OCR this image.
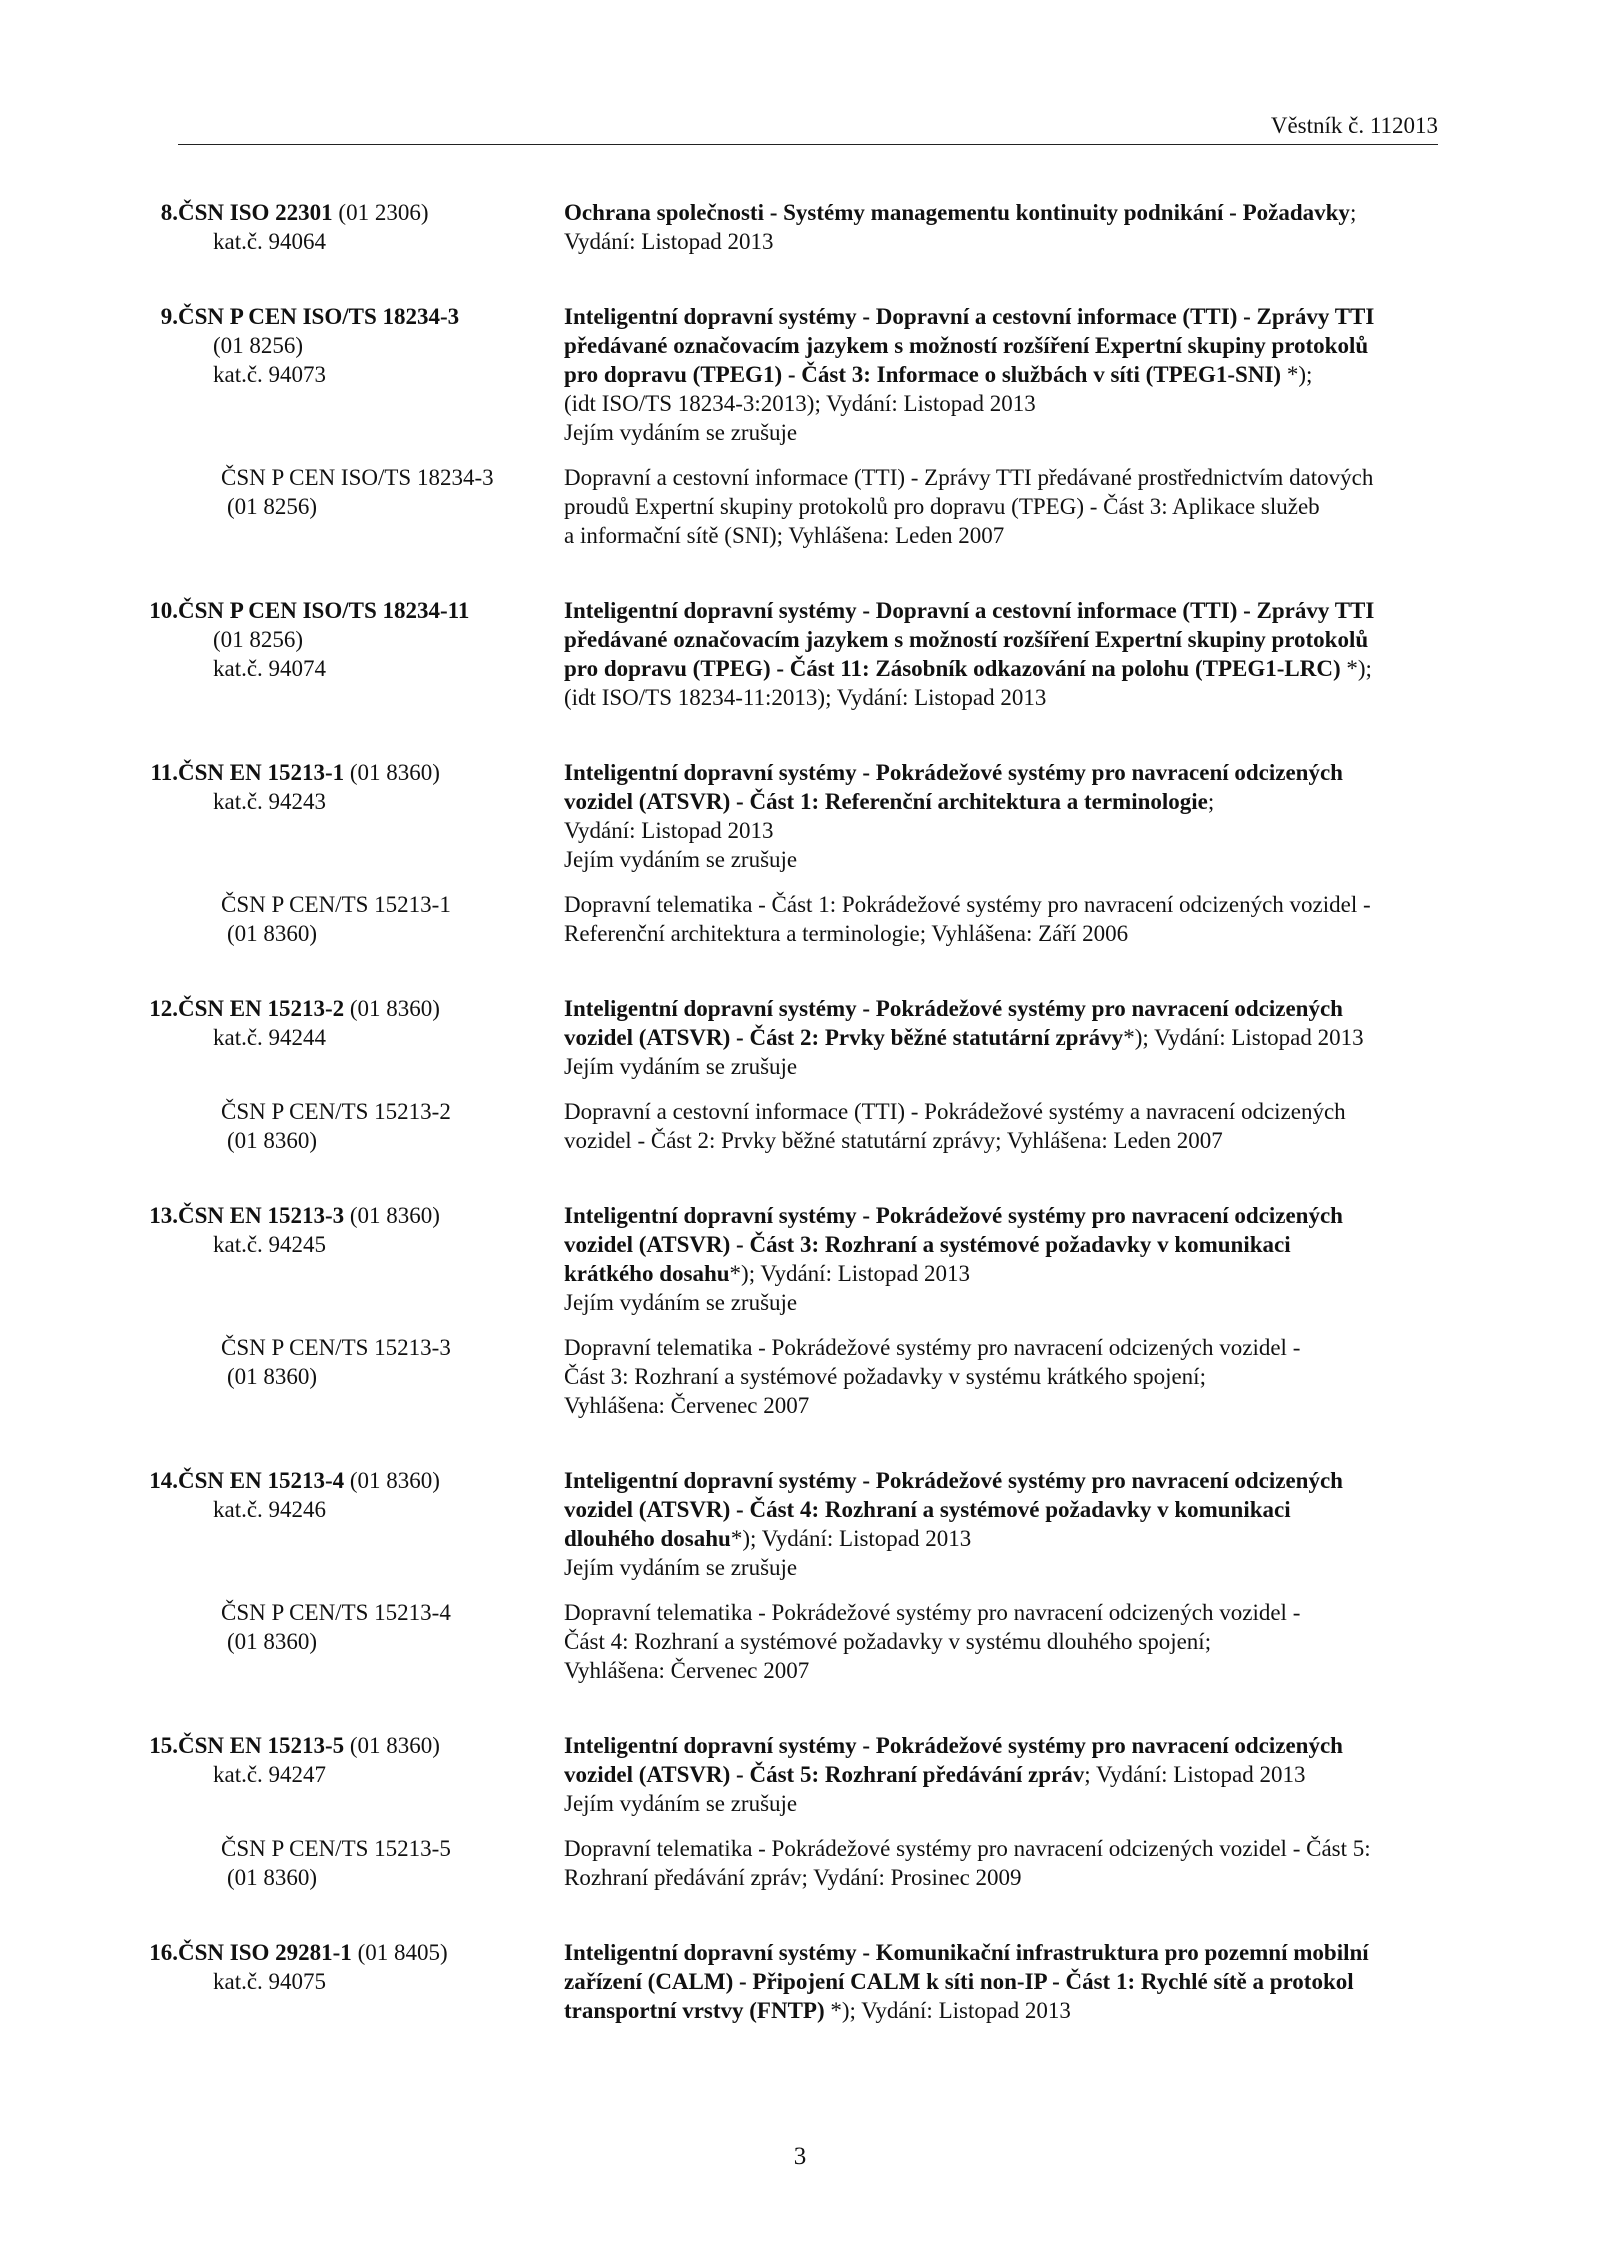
Věstník č. 112013
8. ČSN ISO 22301 (01 2306)
kat.č. 94064
Ochrana společnosti - Systémy managementu kontinuity podnikání - Požadavky;
Vydání: Listopad 2013
9. ČSN P CEN ISO/TS 18234-3
(01 8256)
kat.č. 94073
Inteligentní dopravní systémy - Dopravní a cestovní informace (TTI) - Zprávy TTI
předávané označovacím jazykem s možností rozšíření Expertní skupiny protokolů
pro dopravu (TPEG1) - Část 3: Informace o službách v síti (TPEG1-SNI) *);
(idt ISO/TS 18234-3:2013); Vydání: Listopad 2013
Jejím vydáním se zrušuje
ČSN P CEN ISO/TS 18234-3
(01 8256)
Dopravní a cestovní informace (TTI) - Zprávy TTI předávané prostřednictvím datových
proudů Expertní skupiny protokolů pro dopravu (TPEG) - Část 3: Aplikace služeb
a informační sítě (SNI); Vyhlášena: Leden 2007
10. ČSN P CEN ISO/TS 18234-11
(01 8256)
kat.č. 94074
Inteligentní dopravní systémy - Dopravní a cestovní informace (TTI) - Zprávy TTI
předávané označovacím jazykem s možností rozšíření Expertní skupiny protokolů
pro dopravu (TPEG) - Část 11: Zásobník odkazování na polohu (TPEG1-LRC) *);
(idt ISO/TS 18234-11:2013); Vydání: Listopad 2013
11. ČSN EN 15213-1 (01 8360)
kat.č. 94243
Inteligentní dopravní systémy - Pokrádežové systémy pro navracení odcizených
vozidel (ATSVR) - Část 1: Referenční architektura a terminologie;
Vydání: Listopad 2013
Jejím vydáním se zrušuje
ČSN P CEN/TS 15213-1
(01 8360)
Dopravní telematika - Část 1: Pokrádežové systémy pro navracení odcizených vozidel -
Referenční architektura a terminologie; Vyhlášena: Září 2006
12. ČSN EN 15213-2 (01 8360)
kat.č. 94244
Inteligentní dopravní systémy - Pokrádežové systémy pro navracení odcizených
vozidel (ATSVR) - Část 2: Prvky běžné statutární zprávy*); Vydání: Listopad 2013
Jejím vydáním se zrušuje
ČSN P CEN/TS 15213-2
(01 8360)
Dopravní a cestovní informace (TTI) - Pokrádežové systémy a navracení odcizených
vozidel - Část 2: Prvky běžné statutární zprávy; Vyhlášena: Leden 2007
13. ČSN EN 15213-3 (01 8360)
kat.č. 94245
Inteligentní dopravní systémy - Pokrádežové systémy pro navracení odcizených
vozidel (ATSVR) - Část 3: Rozhraní a systémové požadavky v komunikaci
krátkého dosahu*); Vydání: Listopad 2013
Jejím vydáním se zrušuje
ČSN P CEN/TS 15213-3
(01 8360)
Dopravní telematika - Pokrádežové systémy pro navracení odcizených vozidel -
Část 3: Rozhraní a systémové požadavky v systému krátkého spojení;
Vyhlášena: Červenec 2007
14. ČSN EN 15213-4 (01 8360)
kat.č. 94246
Inteligentní dopravní systémy - Pokrádežové systémy pro navracení odcizených
vozidel (ATSVR) - Část 4: Rozhraní a systémové požadavky v komunikaci
dlouhého dosahu*); Vydání: Listopad 2013
Jejím vydáním se zrušuje
ČSN P CEN/TS 15213-4
(01 8360)
Dopravní telematika - Pokrádežové systémy pro navracení odcizených vozidel -
Část 4: Rozhraní a systémové požadavky v systému dlouhého spojení;
Vyhlášena: Červenec 2007
15. ČSN EN 15213-5 (01 8360)
kat.č. 94247
Inteligentní dopravní systémy - Pokrádežové systémy pro navracení odcizených
vozidel (ATSVR) - Část 5: Rozhraní předávání zpráv; Vydání: Listopad 2013
Jejím vydáním se zrušuje
ČSN P CEN/TS 15213-5
(01 8360)
Dopravní telematika - Pokrádežové systémy pro navracení odcizených vozidel - Část 5:
Rozhraní předávání zpráv; Vydání: Prosinec 2009
16. ČSN ISO 29281-1 (01 8405)
kat.č. 94075
Inteligentní dopravní systémy - Komunikační infrastruktura pro pozemní mobilní
zařízení (CALM) - Připojení CALM k síti non-IP - Část 1: Rychlé sítě a protokol
transportní vrstvy (FNTP) *); Vydání: Listopad 2013
3
